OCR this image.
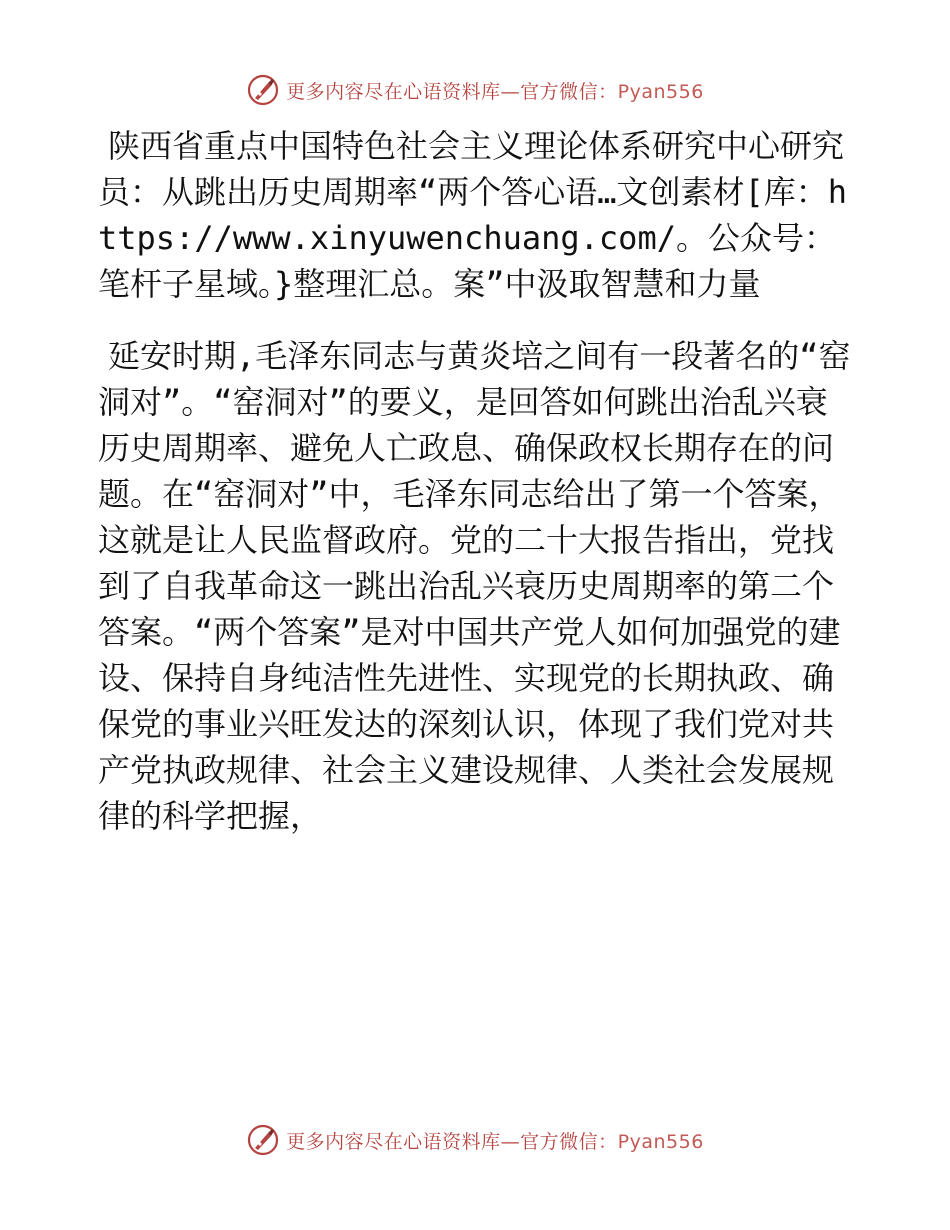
更多内容尽在心语资料库—官方微信：Pyan556

陕西省重点中国特色社会主义理论体系研究中心研究员：从跳出历史周期率“两个答心语…文创素材[库：https://www.xinyuwenchuang.com/。公众号：笔杆子星域。}整理汇总。案”中汲取智慧和力量

延安时期,毛泽东同志与黄炎培之间有一段著名的“窑洞对”。“窑洞对”的要义，是回答如何跳出治乱兴衰历史周期率、避免人亡政息、确保政权长期存在的问题。在“窑洞对”中，毛泽东同志给出了第一个答案，这就是让人民监督政府。党的二十大报告指出，党找到了自我革命这一跳出治乱兴衰历史周期率的第二个答案。“两个答案”是对中国共产党人如何加强党的建设、保持自身纯洁性先进性、实现党的长期执政、确保党的事业兴旺发达的深刻认识，体现了我们党对共产党执政规律、社会主义建设规律、人类社会发展规律的科学把握，

更多内容尽在心语资料库—官方微信：Pyan556
